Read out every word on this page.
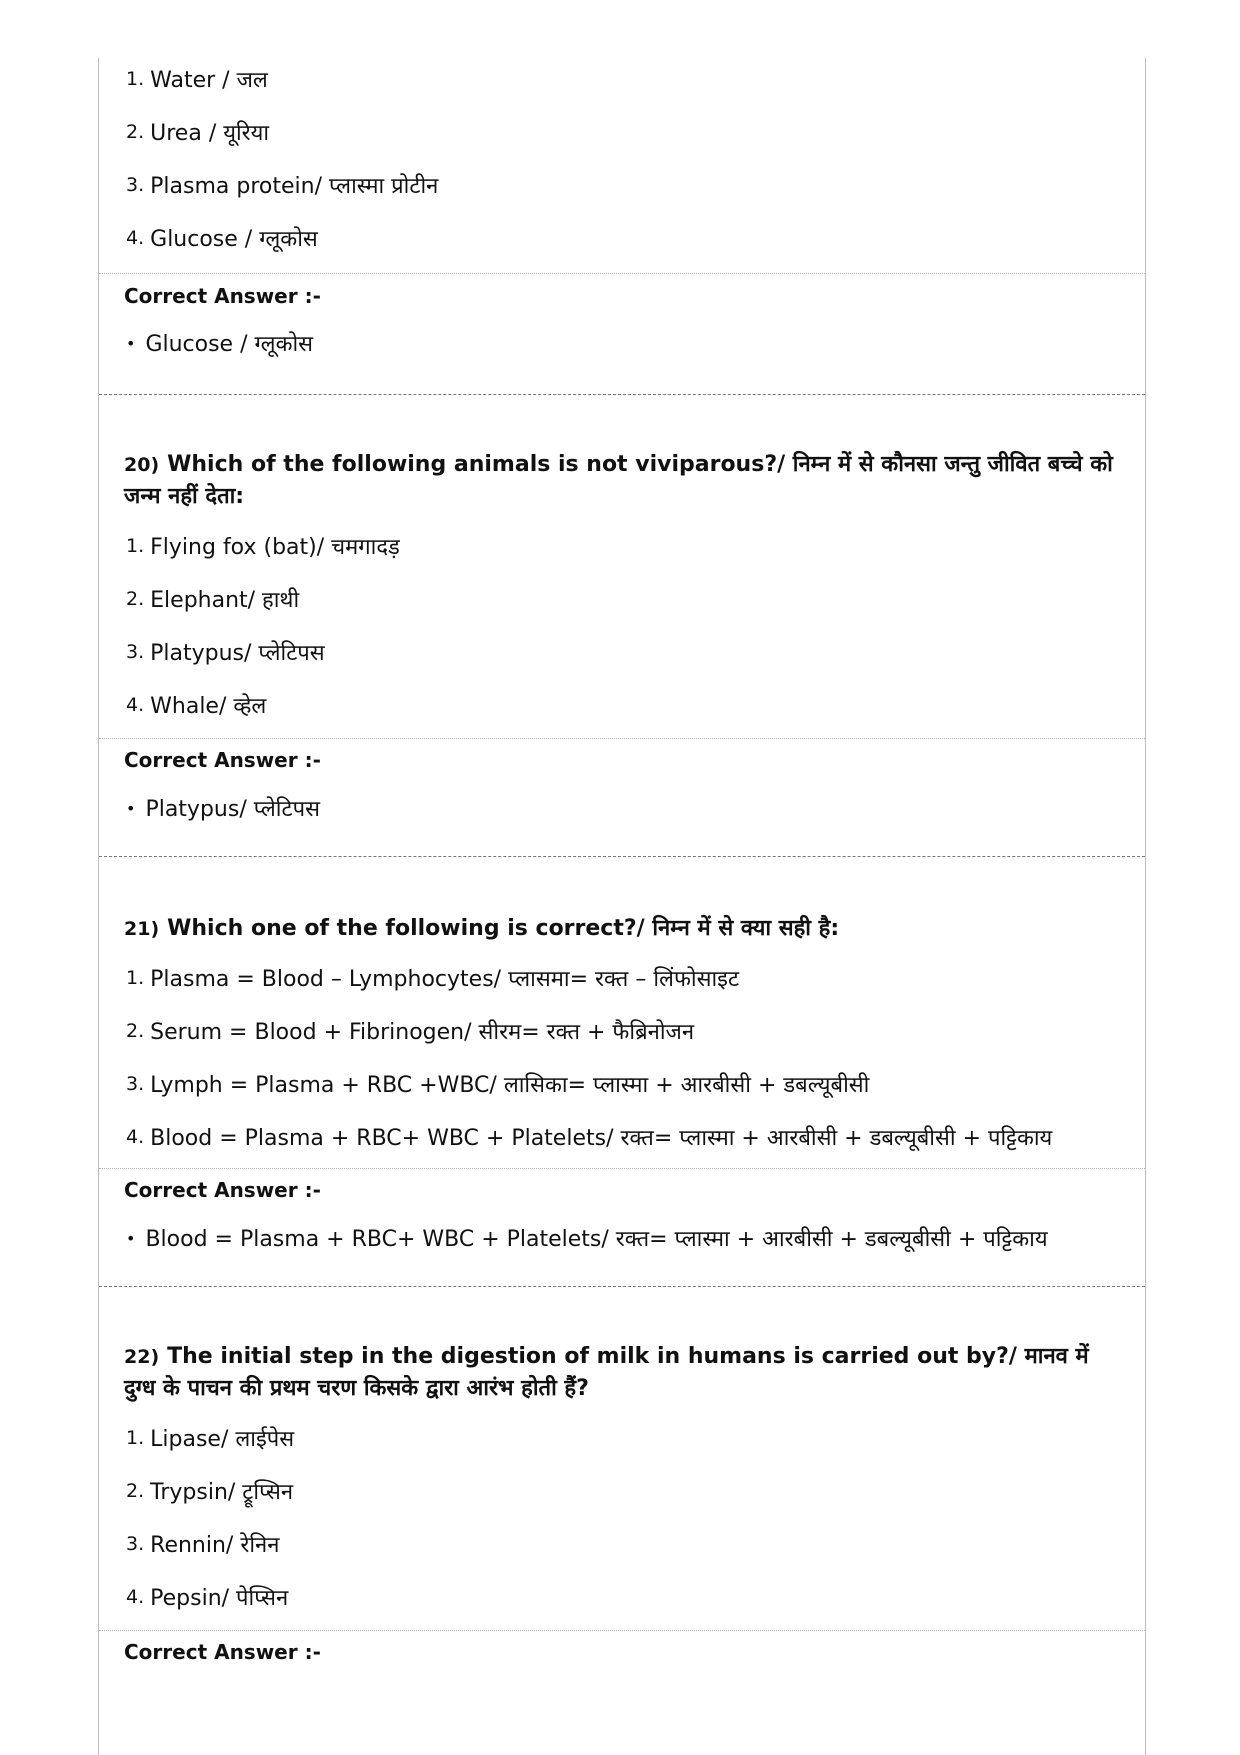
1. Water / जल
2. Urea / यूरिया
3. Plasma protein/ प्लास्मा प्रोटीन
4. Glucose / ग्लूकोस
Correct Answer :-
• Glucose / ग्लूकोस
20) Which of the following animals is not viviparous?/ निम्न में से कौनसा जन्तु जीवित बच्चे को जन्म नहीं देता:
1. Flying fox (bat)/ चमगादड़
2. Elephant/ हाथी
3. Platypus/ प्लेटिपस
4. Whale/ व्हेल
Correct Answer :-
• Platypus/ प्लेटिपस
21) Which one of the following is correct?/ निम्न में से क्या सही है:
1. Plasma = Blood – Lymphocytes/ प्लासमा= रक्त – लिंफोसाइट
2. Serum = Blood + Fibrinogen/ सीरम= रक्त + फैब्रिनोजन
3. Lymph = Plasma + RBC +WBC/ लासिका= प्लास्मा + आरबीसी + डबल्यूबीसी
4. Blood = Plasma + RBC+ WBC + Platelets/ रक्त= प्लास्मा + आरबीसी + डबल्यूबीसी + पट्टिकाय
Correct Answer :-
• Blood = Plasma + RBC+ WBC + Platelets/ रक्त= प्लास्मा + आरबीसी + डबल्यूबीसी + पट्टिकाय
22) The initial step in the digestion of milk in humans is carried out by?/ मानव में दुग्ध के पाचन की प्रथम चरण किसके द्वारा आरंभ होती हैं?
1. Lipase/ लाईपेस
2. Trypsin/ ट्रूप्सिन
3. Rennin/ रेनिन
4. Pepsin/ पेप्सिन
Correct Answer :-
